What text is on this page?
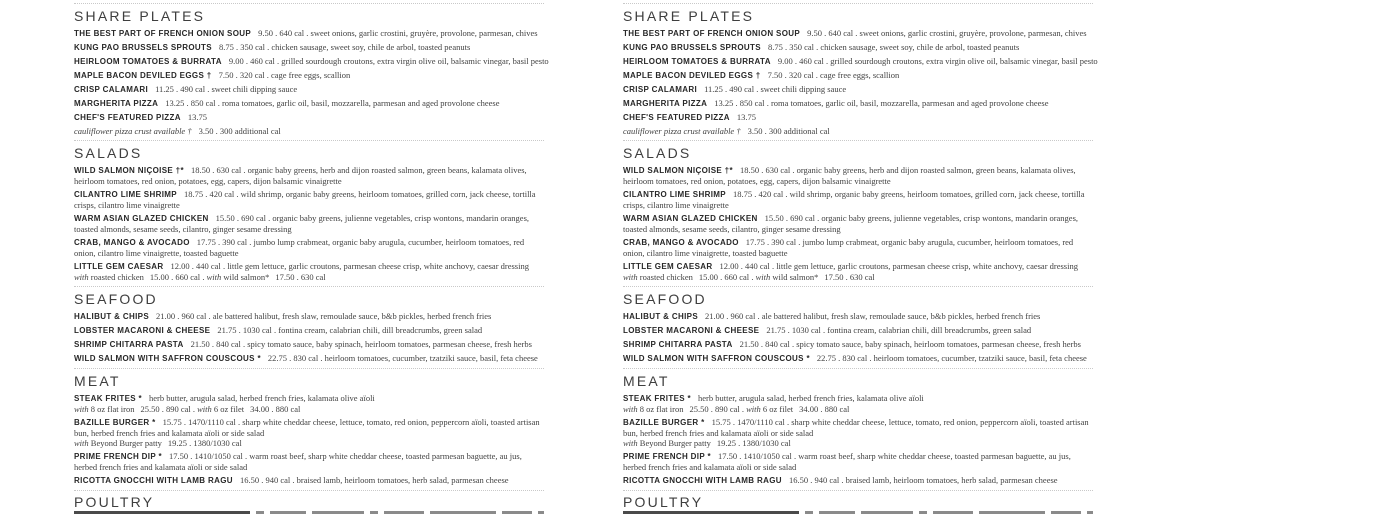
SHARE PLATES

THE BEST PART OF FRENCH ONION SOUP 9.50 . 640 cal . sweet onions, garlic crostini, gruyère, provolone, parmesan, chives

KUNG PAO BRUSSELS SPROUTS 8.75 . 350 cal . chicken sausage, sweet soy, chile de arbol, toasted peanuts

HEIRLOOM TOMATOES & BURRATA 9.00 . 460 cal . grilled sourdough croutons, extra virgin olive oil, balsamic vinegar, basil pesto

MAPLE BACON DEVILED EGGS † 7.50 . 320 cal . cage free eggs, scallion

CRISP CALAMARI 11.25 . 490 cal . sweet chili dipping sauce

MARGHERITA PIZZA 13.25 . 850 cal . roma tomatoes, garlic oil, basil, mozzarella, parmesan and aged provolone cheese

CHEF'S FEATURED PIZZA 13.75

cauliflower pizza crust available † 3.50 . 300 additional cal

SALADS

WILD SALMON NIÇOISE †* 18.50 . 630 cal . organic baby greens, herb and dijon roasted salmon, green beans, kalamata olives, heirloom tomatoes, red onion, potatoes, egg, capers, dijon balsamic vinaigrette

CILANTRO LIME SHRIMP 18.75 . 420 cal . wild shrimp, organic baby greens, heirloom tomatoes, grilled corn, jack cheese, tortilla crisps, cilantro lime vinaigrette

WARM ASIAN GLAZED CHICKEN 15.50 . 690 cal . organic baby greens, julienne vegetables, crisp wontons, mandarin oranges, toasted almonds, sesame seeds, cilantro, ginger sesame dressing

CRAB, MANGO & AVOCADO 17.75 . 390 cal . jumbo lump crabmeat, organic baby arugula, cucumber, heirloom tomatoes, red onion, cilantro lime vinaigrette, toasted baguette

LITTLE GEM CAESAR 12.00 . 440 cal . little gem lettuce, garlic croutons, parmesan cheese crisp, white anchovy, caesar dressing

with roasted chicken 15.00 . 660 cal . with wild salmon* 17.50 . 630 cal

SEAFOOD

HALIBUT & CHIPS 21.00 . 960 cal . ale battered halibut, fresh slaw, remoulade sauce, b&b pickles, herbed french fries

LOBSTER MACARONI & CHEESE 21.75 . 1030 cal . fontina cream, calabrian chili, dill breadcrumbs, green salad

SHRIMP CHITARRA PASTA 21.50 . 840 cal . spicy tomato sauce, baby spinach, heirloom tomatoes, parmesan cheese, fresh herbs

WILD SALMON WITH SAFFRON COUSCOUS * 22.75 . 830 cal . heirloom tomatoes, cucumber, tzatziki sauce, basil, feta cheese

MEAT

STEAK FRITES * herb butter, arugula salad, herbed french fries, kalamata olive aïoli

with 8 oz flat iron 25.50 . 890 cal . with 6 oz filet 34.00 . 880 cal

BAZILLE BURGER * 15.75 . 1470/1110 cal . sharp white cheddar cheese, lettuce, tomato, red onion, peppercorn aïoli, toasted artisan bun, herbed french fries and kalamata aïoli or side salad

with Beyond Burger patty 19.25 . 1380/1030 cal

PRIME FRENCH DIP * 17.50 . 1410/1050 cal . warm roast beef, sharp white cheddar cheese, toasted parmesan baguette, au jus, herbed french fries and kalamata aïoli or side salad

RICOTTA GNOCCHI WITH LAMB RAGU 16.50 . 940 cal . braised lamb, heirloom tomatoes, herb salad, parmesan cheese

POULTRY
SHARE PLATES

THE BEST PART OF FRENCH ONION SOUP 9.50 . 640 cal . sweet onions, garlic crostini, gruyère, provolone, parmesan, chives

KUNG PAO BRUSSELS SPROUTS 8.75 . 350 cal . chicken sausage, sweet soy, chile de arbol, toasted peanuts

HEIRLOOM TOMATOES & BURRATA 9.00 . 460 cal . grilled sourdough croutons, extra virgin olive oil, balsamic vinegar, basil pesto

MAPLE BACON DEVILED EGGS † 7.50 . 320 cal . cage free eggs, scallion

CRISP CALAMARI 11.25 . 490 cal . sweet chili dipping sauce

MARGHERITA PIZZA 13.25 . 850 cal . roma tomatoes, garlic oil, basil, mozzarella, parmesan and aged provolone cheese

CHEF'S FEATURED PIZZA 13.75

cauliflower pizza crust available † 3.50 . 300 additional cal

SALADS

WILD SALMON NIÇOISE †* 18.50 . 630 cal . organic baby greens, herb and dijon roasted salmon, green beans, kalamata olives, heirloom tomatoes, red onion, potatoes, egg, capers, dijon balsamic vinaigrette

CILANTRO LIME SHRIMP 18.75 . 420 cal . wild shrimp, organic baby greens, heirloom tomatoes, grilled corn, jack cheese, tortilla crisps, cilantro lime vinaigrette

WARM ASIAN GLAZED CHICKEN 15.50 . 690 cal . organic baby greens, julienne vegetables, crisp wontons, mandarin oranges, toasted almonds, sesame seeds, cilantro, ginger sesame dressing

CRAB, MANGO & AVOCADO 17.75 . 390 cal . jumbo lump crabmeat, organic baby arugula, cucumber, heirloom tomatoes, red onion, cilantro lime vinaigrette, toasted baguette

LITTLE GEM CAESAR 12.00 . 440 cal . little gem lettuce, garlic croutons, parmesan cheese crisp, white anchovy, caesar dressing

with roasted chicken 15.00 . 660 cal . with wild salmon* 17.50 . 630 cal

SEAFOOD

HALIBUT & CHIPS 21.00 . 960 cal . ale battered halibut, fresh slaw, remoulade sauce, b&b pickles, herbed french fries

LOBSTER MACARONI & CHEESE 21.75 . 1030 cal . fontina cream, calabrian chili, dill breadcrumbs, green salad

SHRIMP CHITARRA PASTA 21.50 . 840 cal . spicy tomato sauce, baby spinach, heirloom tomatoes, parmesan cheese, fresh herbs

WILD SALMON WITH SAFFRON COUSCOUS * 22.75 . 830 cal . heirloom tomatoes, cucumber, tzatziki sauce, basil, feta cheese

MEAT

STEAK FRITES * herb butter, arugula salad, herbed french fries, kalamata olive aïoli

with 8 oz flat iron 25.50 . 890 cal . with 6 oz filet 34.00 . 880 cal

BAZILLE BURGER * 15.75 . 1470/1110 cal . sharp white cheddar cheese, lettuce, tomato, red onion, peppercorn aïoli, toasted artisan bun, herbed french fries and kalamata aïoli or side salad

with Beyond Burger patty 19.25 . 1380/1030 cal

PRIME FRENCH DIP * 17.50 . 1410/1050 cal . warm roast beef, sharp white cheddar cheese, toasted parmesan baguette, au jus, herbed french fries and kalamata aïoli or side salad

RICOTTA GNOCCHI WITH LAMB RAGU 16.50 . 940 cal . braised lamb, heirloom tomatoes, herb salad, parmesan cheese

POULTRY
